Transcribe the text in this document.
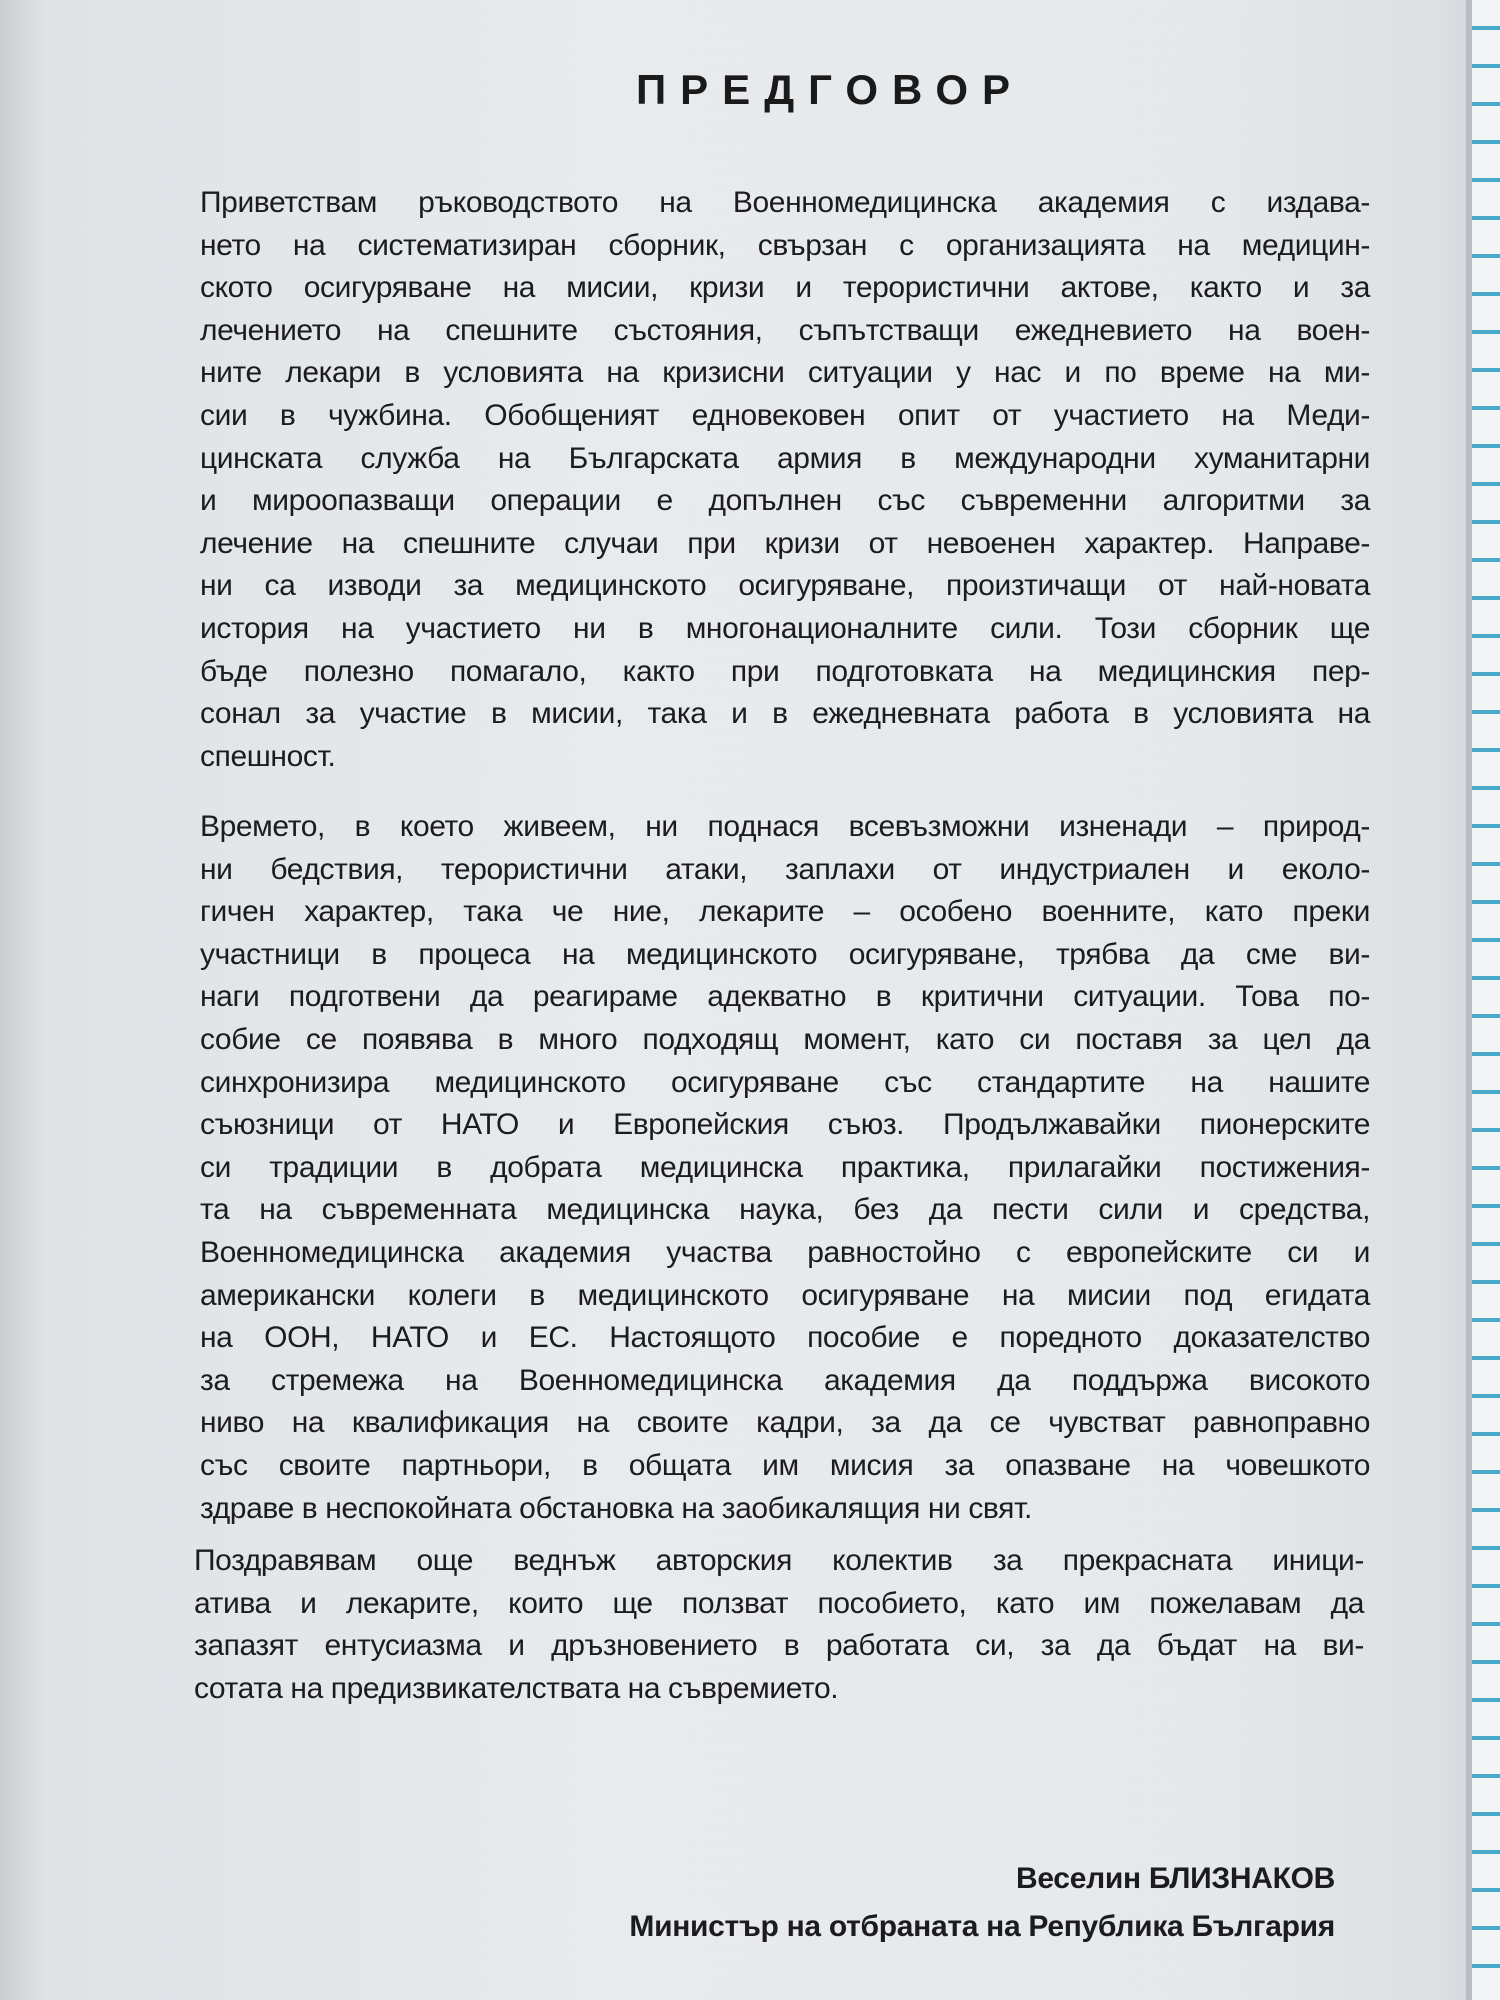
ПРЕДГОВОР
Приветствам ръководството на Военномедицинска академия с издава-
нето на систематизиран сборник, свързан с организацията на медицин-
ското осигуряване на мисии, кризи и терористични актове, както и за
лечението на спешните състояния, съпътстващи ежедневието на воен-
ните лекари в условията на кризисни ситуации у нас и по време на ми-
сии в чужбина. Обобщеният едновековен опит от участието на Меди-
цинската служба на Българската армия в международни хуманитарни
и мироопазващи операции е допълнен със съвременни алгоритми за
лечение на спешните случаи при кризи от невоенен характер. Направе-
ни са изводи за медицинското осигуряване, произтичащи от най-новата
история на участието ни в многонационалните сили. Този сборник ще
бъде полезно помагало, както при подготовката на медицинския пер-
сонал за участие в мисии, така и в ежедневната работа в условията на
спешност.
Времето, в което живеем, ни поднася всевъзможни изненади – природ-
ни бедствия, терористични атаки, заплахи от индустриален и еколо-
гичен характер, така че ние, лекарите – особено военните, като преки
участници в процеса на медицинското осигуряване, трябва да сме ви-
наги подготвени да реагираме адекватно в критични ситуации. Това по-
собие се появява в много подходящ момент, като си поставя за цел да
синхронизира медицинското осигуряване със стандартите на нашите
съюзници от НАТО и Европейския съюз. Продължавайки пионерските
си традиции в добрата медицинска практика, прилагайки постижения-
та на съвременната медицинска наука, без да пести сили и средства,
Военномедицинска академия участва равностойно с европейските си и
американски колеги в медицинското осигуряване на мисии под егидата
на ООН, НАТО и ЕС. Настоящото пособие е поредното доказателство
за стремежа на Военномедицинска академия да поддържа високото
ниво на квалификация на своите кадри, за да се чувстват равноправно
със своите партньори, в общата им мисия за опазване на човешкото
здраве в неспокойната обстановка на заобикалящия ни свят.
Поздравявам още веднъж авторския колектив за прекрасната иници-
атива и лекарите, които ще ползват пособието, като им пожелавам да
запазят ентусиазма и дръзновението в работата си, за да бъдат на ви-
сотата на предизвикателствата на съвремието.
Веселин БЛИЗНАКОВ
Министър на отбраната на Република България
